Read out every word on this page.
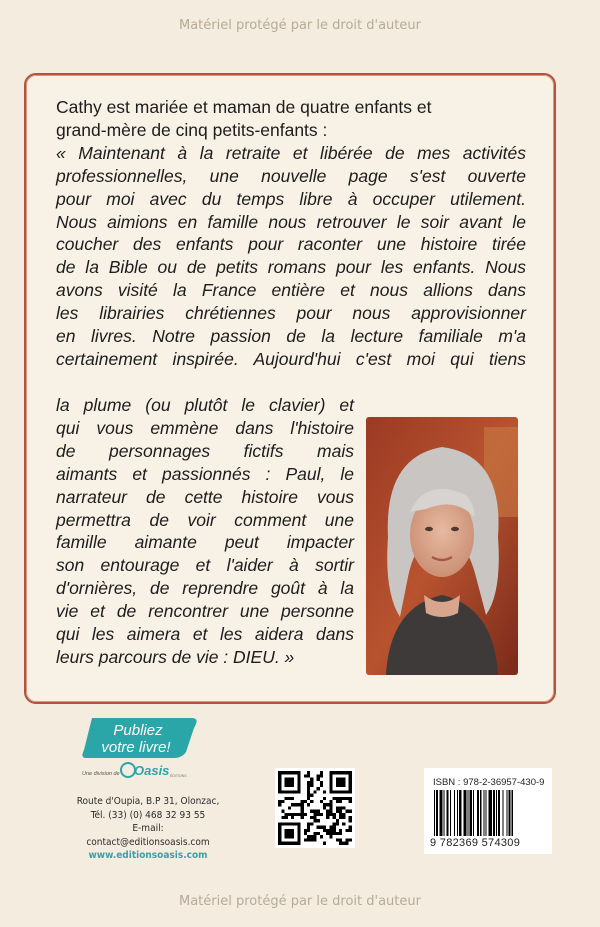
Matériel protégé par le droit d'auteur

Cathy est mariée et maman de quatre enfants et

grand-mère de cinq petits-enfants :

« Maintenant à la retraite et libérée de mes activités
professionnelles, une nouvelle page s'est ouverte
pour moi avec du temps libre à occuper utilement.
Nous aimions en famille nous retrouver le soir avant le
coucher des enfants pour raconter une histoire tirée
de la Bible ou de petits romans pour les enfants. Nous
avons visité la France entière et nous allions dans
les librairies chrétiennes pour nous approvisionner
en livres. Notre passion de la lecture familiale m'a
certainement inspirée. Aujourd'hui c'est moi qui tiens

la plume (ou plutôt le clavier) et
qui vous emmène dans l'histoire
de personnages fictifs mais
aimants et passionnés : Paul, le
narrateur de cette histoire vous
permettra de voir comment une
famille aimante peut impacter
son entourage et l'aider à sortir
d'ornières, de reprendre goût à la
vie et de rencontrer une personne
qui les aimera et les aidera dans
leurs parcours de vie : DIEU. »

Publiez
votre livre!
Une division de Oasis ÉDITIONS
Route d'Oupia, B.P 31, Olonzac,
Tél. (33) (0) 468 32 93 55
E-mail: contact@editionsoasis.com
www.editionsoasis.com
ISBN : 978-2-36957-430-9
9 782369 574309
Matériel protégé par le droit d'auteur
